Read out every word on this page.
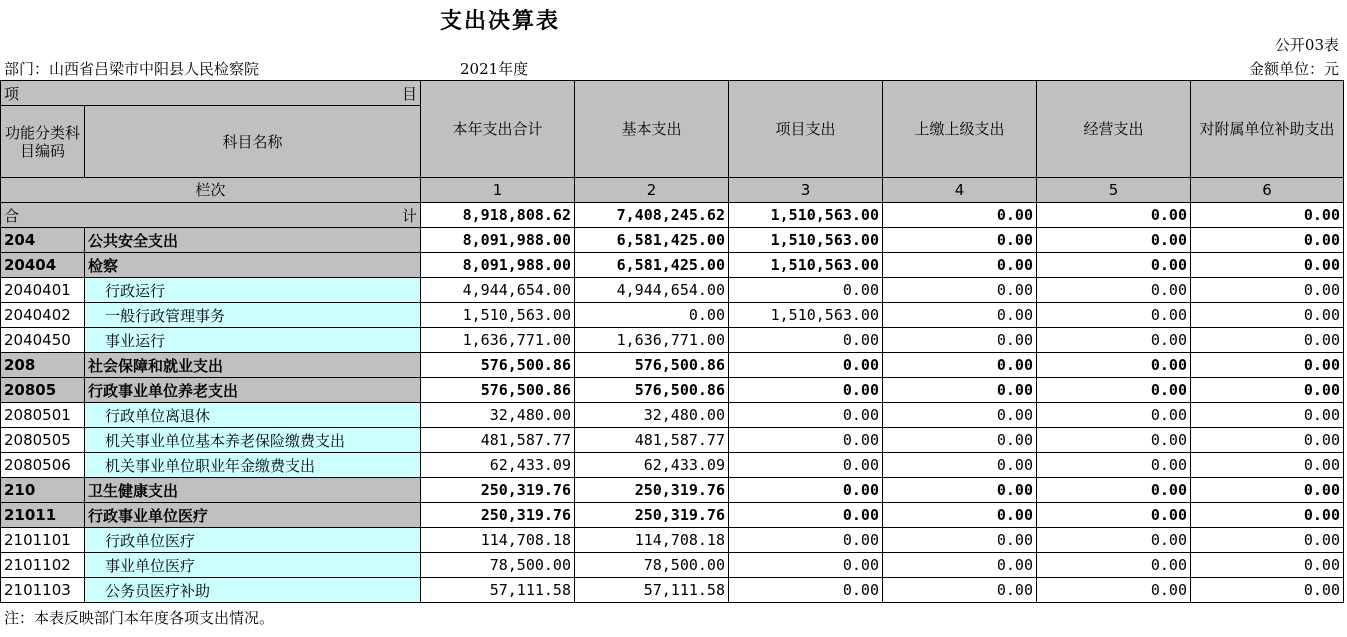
支出决算表
公开03表
部门：山西省吕梁市中阳县人民检察院	2021年度	金额单位：元
项 目		本年支出合计	基本支出	项目支出	上缴上级支出	经营支出	对附属单位补助支出
功能分类科目编码	科目名称						

栏次		1	2	3	4	5	6

合 计		8,918,808.62	7,408,245.62	1,510,563.00	0.00	0.00	0.00
204	公共安全支出	8,091,988.00	6,581,425.00	1,510,563.00	0.00	0.00	0.00
20404	检察	8,091,988.00	6,581,425.00	1,510,563.00	0.00	0.00	0.00
2040401	行政运行	4,944,654.00	4,944,654.00	0.00	0.00	0.00	0.00
2040402	一般行政管理事务	1,510,563.00	0.00	1,510,563.00	0.00	0.00	0.00
2040450	事业运行	1,636,771.00	1,636,771.00	0.00	0.00	0.00	0.00
208	社会保障和就业支出	576,500.86	576,500.86	0.00	0.00	0.00	0.00
20805	行政事业单位养老支出	576,500.86	576,500.86	0.00	0.00	0.00	0.00
2080501	行政单位离退休	32,480.00	32,480.00	0.00	0.00	0.00	0.00
2080505	机关事业单位基本养老保险缴费支出	481,587.77	481,587.77	0.00	0.00	0.00	0.00
2080506	机关事业单位职业年金缴费支出	62,433.09	62,433.09	0.00	0.00	0.00	0.00
210	卫生健康支出	250,319.76	250,319.76	0.00	0.00	0.00	0.00
21011	行政事业单位医疗	250,319.76	250,319.76	0.00	0.00	0.00	0.00
2101101	行政单位医疗	114,708.18	114,708.18	0.00	0.00	0.00	0.00
2101102	事业单位医疗	78,500.00	78,500.00	0.00	0.00	0.00	0.00
2101103	公务员医疗补助	57,111.58	57,111.58	0.00	0.00	0.00	0.00
注：本表反映部门本年度各项支出情况。
